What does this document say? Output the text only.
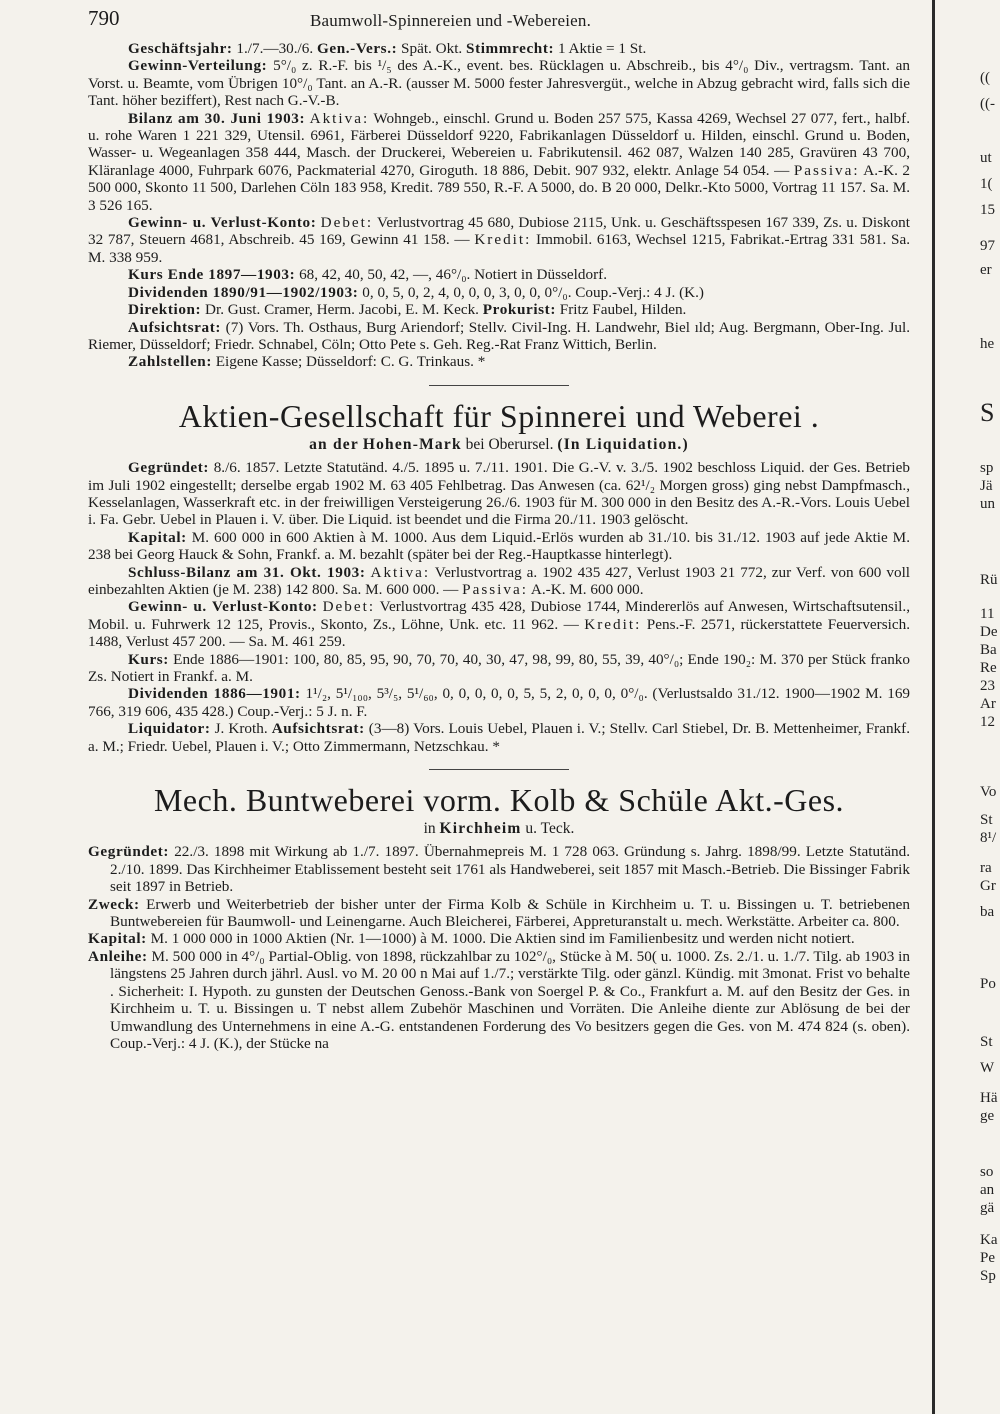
790	Baumwoll-Spinnereien und -Webereien.

Geschäftsjahr: 1./7.—30./6. Gen.-Vers.: Spät. Okt. Stimmrecht: 1 Aktie = 1 St.

Gewinn-Verteilung: 5°/₀ z. R.-F. bis ¹/₅ des A.-K., event. bes. Rücklagen u. Abschreib., bis 4°/₀ Div., vertragsm. Tant. an Vorst. u. Beamte, vom Übrigen 10°/₀ Tant. an A.-R. (ausser M. 5000 fester Jahresvergüt., welche in Abzug gebracht wird, falls sich die Tant. höher beziffert), Rest nach G.-V.-B.

Bilanz am 30. Juni 1903: Aktiva: Wohngeb., einschl. Grund u. Boden 257 575, Kassa 4269, Wechsel 27 077, fert., halbf. u. rohe Waren 1 221 329, Utensil. 6961, Färberei Düsseldorf 9220, Fabrikanlagen Düsseldorf u. Hilden, einschl. Grund u. Boden, Wasser- u. Wegeanlagen 358 444, Masch. der Druckerei, Webereien u. Fabrikutensil. 462 087, Walzen 140 285, Gravüren 43 700, Kläranlage 4000, Fuhrpark 6076, Packmaterial 4270, Giroguth. 18 886, Debit. 907 932, elektr. Anlage 54 054. — Passiva: A.-K. 2 500 000, Skonto 11 500, Darlehen Cöln 183 958, Kredit. 789 550, R.-F. A 5000, do. B 20 000, Delkr.-Kto 5000, Vortrag 11 157. Sa. M. 3 526 165.

Gewinn- u. Verlust-Konto: Debet: Verlustvortrag 45 680, Dubiose 2115, Unk. u. Geschäftsspesen 167 339, Zs. u. Diskont 32 787, Steuern 4681, Abschreib. 45 169, Gewinn 41 158. — Kredit: Immobil. 6163, Wechsel 1215, Fabrikat.-Ertrag 331 581. Sa. M. 338 959.

Kurs Ende 1897—1903: 68, 42, 40, 50, 42, —, 46°/₀. Notiert in Düsseldorf.

Dividenden 1890/91—1902/1903: 0, 0, 5, 0, 2, 4, 0, 0, 0, 3, 0, 0, 0°/₀. Coup.-Verj.: 4 J. (K.)

Direktion: Dr. Gust. Cramer, Herm. Jacobi, E. M. Keck. Prokurist: Fritz Faubel, Hilden.

Aufsichtsrat: (7) Vors. Th. Osthaus, Burg Ariendorf; Stellv. Civil-Ing. H. Landwehr, Biel ıld; Aug. Bergmann, Ober-Ing. Jul. Riemer, Düsseldorf; Friedr. Schnabel, Cöln; Otto Pete s. Geh. Reg.-Rat Franz Wittich, Berlin.

Zahlstellen: Eigene Kasse; Düsseldorf: C. G. Trinkaus. *

Aktien-Gesellschaft für Spinnerei und Weberei .
an der Hohen-Mark bei Oberursel. (In Liquidation.)

Gegründet: 8./6. 1857. Letzte Statutänd. 4./5. 1895 u. 7./11. 1901. Die G.-V. v. 3./5. 1902 beschloss Liquid. der Ges. Betrieb im Juli 1902 eingestellt; derselbe ergab 1902 M. 63 405 Fehlbetrag. Das Anwesen (ca. 62¹/₂ Morgen gross) ging nebst Dampfmasch., Kesselanlagen, Wasserkraft etc. in der freiwilligen Versteigerung 26./6. 1903 für M. 300 000 in den Besitz des A.-R.-Vors. Louis Uebel i. Fa. Gebr. Uebel in Plauen i. V. über. Die Liquid. ist beendet und die Firma 20./11. 1903 gelöscht.

Kapital: M. 600 000 in 600 Aktien à M. 1000. Aus dem Liquid.-Erlös wurden ab 31./10. bis 31./12. 1903 auf jede Aktie M. 238 bei Georg Hauck & Sohn, Frankf. a. M. bezahlt (später bei der Reg.-Hauptkasse hinterlegt).

Schluss-Bilanz am 31. Okt. 1903: Aktiva: Verlustvortrag a. 1902 435 427, Verlust 1903 21 772, zur Verf. von 600 voll einbezahlten Aktien (je M. 238) 142 800. Sa. M. 600 000. — Passiva: A.-K. M. 600 000.

Gewinn- u. Verlust-Konto: Debet: Verlustvortrag 435 428, Dubiose 1744, Mindererlös auf Anwesen, Wirtschaftsutensil., Mobil. u. Fuhrwerk 12 125, Provis., Skonto, Zs., Löhne, Unk. etc. 11 962. — Kredit: Pens.-F. 2571, rückerstattete Feuerversich. 1488, Verlust 457 200. — Sa. M. 461 259.

Kurs: Ende 1886—1901: 100, 80, 85, 95, 90, 70, 70, 40, 30, 47, 98, 99, 80, 55, 39, 40°/₀; Ende 190₂: M. 370 per Stück franko Zs. Notiert in Frankf. a. M.

Dividenden 1886—1901: 1¹/₂, 5¹/₁₀₀, 5³/₅, 5¹/₆₀, 0, 0, 0, 0, 0, 5, 5, 2, 0, 0, 0, 0°/₀. (Verlustsaldo 31./12. 1900—1902 M. 169 766, 319 606, 435 428.) Coup.-Verj.: 5 J. n. F.

Liquidator: J. Kroth. Aufsichtsrat: (3—8) Vors. Louis Uebel, Plauen i. V.; Stellv. Carl Stiebel, Dr. B. Mettenheimer, Frankf. a. M.; Friedr. Uebel, Plauen i. V.; Otto Zimmermann, Netzschkau. *

Mech. Buntweberei vorm. Kolb & Schüle Akt.-Ges.
in Kirchheim u. Teck.

Gegründet: 22./3. 1898 mit Wirkung ab 1./7. 1897. Übernahmepreis M. 1 728 063. Gründung s. Jahrg. 1898/99. Letzte Statutänd. 2./10. 1899. Das Kirchheimer Etablissement besteht seit 1761 als Handweberei, seit 1857 mit Masch.-Betrieb. Die Bissinger Fabrik seit 1897 in Betrieb.

Zweck: Erwerb und Weiterbetrieb der bisher unter der Firma Kolb & Schüle in Kirchheim u. T. u. Bissingen u. T. betriebenen Buntwebereien für Baumwoll- und Leinengarne. Auch Bleicherei, Färberei, Appreturanstalt u. mech. Werkstätte. Arbeiter ca. 800.

Kapital: M. 1 000 000 in 1000 Aktien (Nr. 1—1000) à M. 1000. Die Aktien sind im Familienbesitz und werden nicht notiert.

Anleihe: M. 500 000 in 4°/₀ Partial-Oblig. von 1898, rückzahlbar zu 102°/₀, Stücke à M. 50( u. 1000. Zs. 2./1. u. 1./7. Tilg. ab 1903 in längstens 25 Jahren durch jährl. Ausl. vo M. 20 00 n Mai auf 1./7.; verstärkte Tilg. oder gänzl. Kündig. mit 3monat. Frist vo behalte . Sicherheit: I. Hypoth. zu gunsten der Deutschen Genoss.-Bank von Soergel P. & Co., Frankfurt a. M. auf den Besitz der Ges. in Kirchheim u. T. u. Bissingen u. T nebst allem Zubehör Maschinen und Vorräten. Die Anleihe diente zur Ablösung de bei der Umwandlung des Unternehmens in eine A.-G. entstandenen Forderung des Vo besitzers gegen die Ges. von M. 474 824 (s. oben). Coup.-Verj.: 4 J. (K.), der Stücke na

((
((-
ut
1(
15
97
er
he
S
sp
Jä
un
Rü
11
De
Ba
Re
23
Ar
12
Vo
St
8¹/
ra
Gr
ba
Po
St
W
Hä
ge
so
an
gä
Ka
Pe
Sp
